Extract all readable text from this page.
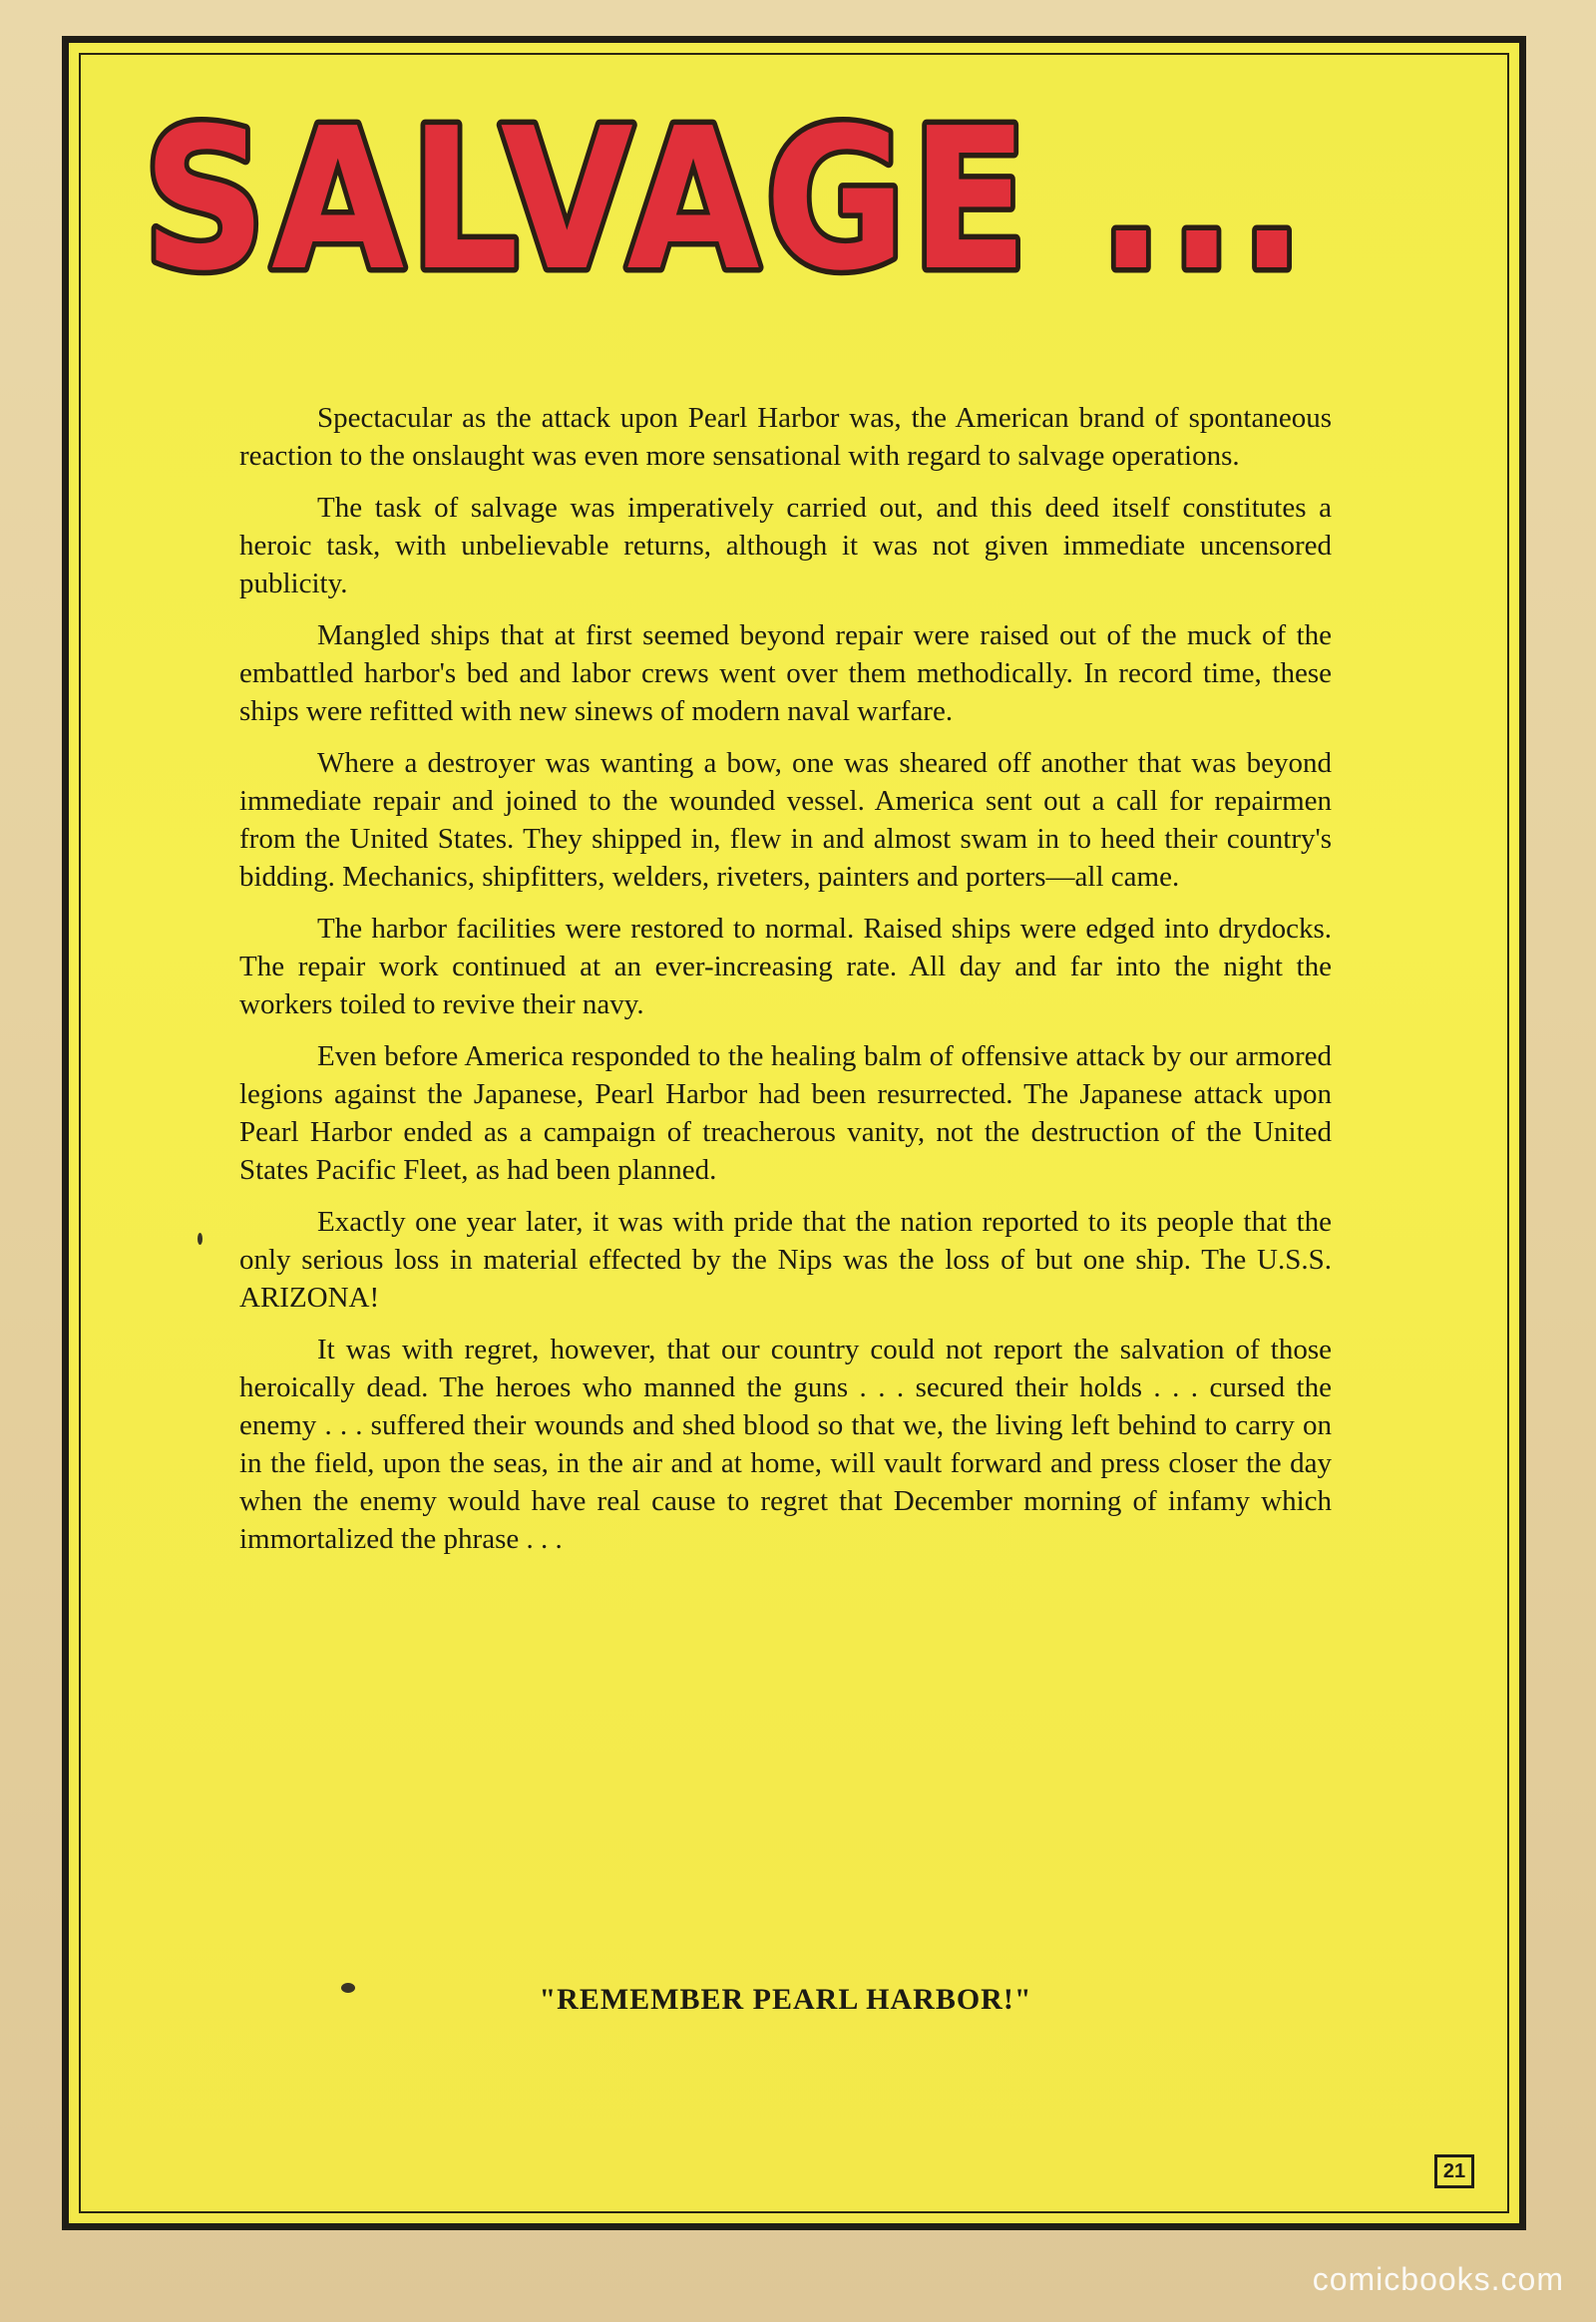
SALVAGE ...

Spectacular as the attack upon Pearl Harbor was, the American brand of spontaneous reaction to the onslaught was even more sensational with regard to salvage operations.

The task of salvage was imperatively carried out, and this deed itself constitutes a heroic task, with unbelievable returns, although it was not given immediate uncensored publicity.

Mangled ships that at first seemed beyond repair were raised out of the muck of the embattled harbor's bed and labor crews went over them methodically. In record time, these ships were refitted with new sinews of modern naval warfare.

Where a destroyer was wanting a bow, one was sheared off another that was beyond immediate repair and joined to the wounded vessel. America sent out a call for repairmen from the United States. They shipped in, flew in and almost swam in to heed their country's bidding. Mechanics, shipfitters, welders, riveters, painters and porters—all came.

The harbor facilities were restored to normal. Raised ships were edged into drydocks. The repair work continued at an ever-increasing rate. All day and far into the night the workers toiled to revive their navy.

Even before America responded to the healing balm of offensive attack by our armored legions against the Japanese, Pearl Harbor had been resurrected. The Japanese attack upon Pearl Harbor ended as a campaign of treacherous vanity, not the destruction of the United States Pacific Fleet, as had been planned.

Exactly one year later, it was with pride that the nation reported to its people that the only serious loss in material effected by the Nips was the loss of but one ship. The U.S.S. ARIZONA!

It was with regret, however, that our country could not report the salvation of those heroically dead. The heroes who manned the guns . . . secured their holds . . . cursed the enemy . . . suffered their wounds and shed blood so that we, the living left behind to carry on in the field, upon the seas, in the air and at home, will vault forward and press closer the day when the enemy would have real cause to regret that December morning of infamy which immortalized the phrase . . .

"REMEMBER PEARL HARBOR!"
21
comicbooks.com
